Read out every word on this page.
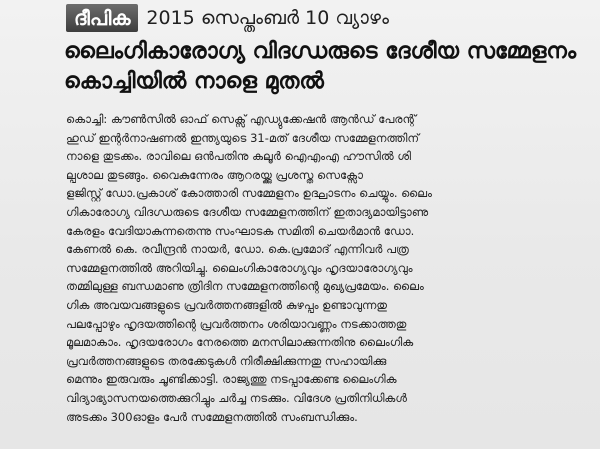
ദീപിക 2015 സെപ്തംബർ 10 വ്യാഴം
ലൈംഗികാരോഗ്യ വിദഗ്ധരുടെ ദേശീയ സമ്മേളനം
കൊച്ചിയിൽ നാളെ മുതൽ
കൊച്ചി: കൗൺസിൽ ഓഫ് സെക്സ് എഡ്യുക്കേഷൻ ആൻഡ് പേരന്റ്
ഹുഡ് ഇന്റർനാഷണൽ ഇന്ത്യയുടെ 31-മത് ദേശീയ സമ്മേളനത്തിന്
നാളെ തുടക്കം. രാവിലെ ഒൻപതിനു കലൂർ ഐഎംഎ ഹൗസിൽ ശി
ല്പശാല തുടങ്ങും. വൈകുന്നേരം ആറരയ്ക്കു പ്രശസ്ത സെക്സോ
ളജിസ്റ്റ് ഡോ.പ്രകാശ് കോത്താരി സമ്മേളനം ഉദ്ഘാടനം ചെയ്യും. ലൈം
ഗികാരോഗ്യ വിദഗ്ധരുടെ ദേശീയ സമ്മേളനത്തിന് ഇതാദ്യമായിട്ടാണു
കേരളം വേദിയാകുന്നതെന്നു സംഘാടക സമിതി ചെയർമാൻ ഡോ.
കേണൽ കെ. രവീന്ദ്രൻ നായർ, ഡോ. കെ.പ്രമോദ് എന്നിവർ പത്ര
സമ്മേളനത്തിൽ അറിയിച്ചു. ലൈംഗികാരോഗ്യവും ഹൃദയാരോഗ്യവും
തമ്മിലുള്ള ബന്ധമാണു ത്രിദിന സമ്മേളനത്തിന്റെ മുഖ്യപ്രമേയം. ലൈം
ഗിക അവയവങ്ങളുടെ പ്രവർത്തനങ്ങളിൽ കുഴപ്പം ഉണ്ടാവുന്നതു
പലപ്പോഴും ഹൃദയത്തിന്റെ പ്രവർത്തനം ശരിയാവണ്ണം നടക്കാത്തതു
മൂലമാകാം. ഹൃദയരോഗം നേരത്തെ മനസിലാക്കുന്നതിനു ലൈംഗിക
പ്രവർത്തനങ്ങളുടെ തരക്കേടുകൾ നിരീക്ഷിക്കുന്നതു സഹായിക്കു
മെന്നും ഇരുവരും ചൂണ്ടിക്കാട്ടി. രാജ്യത്തു നടപ്പാക്കേണ്ട ലൈംഗിക
വിദ്യാഭ്യാസനയത്തെക്കുറിച്ചും ചർച്ച നടക്കും. വിദേശ പ്രതിനിധികൾ
അടക്കം 300ഓളം പേർ സമ്മേളനത്തിൽ സംബന്ധിക്കും.
